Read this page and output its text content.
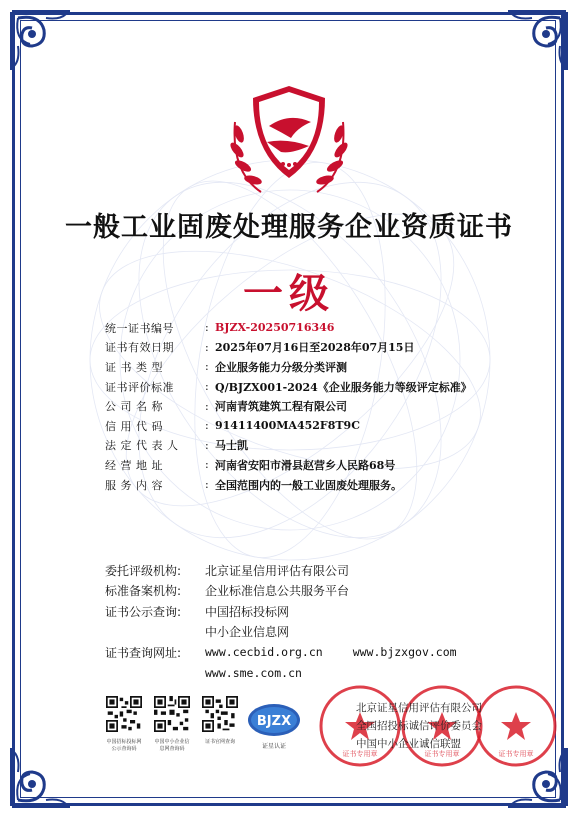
一般工业固废处理服务企业资质证书
一级
统一证书编号	: BJZX-20250716346
证书有效日期	: 2025年07月16日至2028年07月15日
证 书 类 型	: 企业服务能力分级分类评测
证书评价标准	: Q/BJZX001-2024《企业服务能力等级评定标准》
公 司 名 称	: 河南青筑建筑工程有限公司
信 用 代 码	: 91411400MA452F8T9C
法 定 代 表 人	: 马士凯
经 营 地 址	: 河南省安阳市滑县赵营乡人民路68号
服 务 内 容	: 全国范围内的一般工业固废处理服务。
委托评级机构:	北京证星信用评估有限公司
标准备案机构:	企业标准信息公共服务平台
证书公示查询:	中国招标投标网
中小企业信息网
证书查询网址:	www.cecbid.org.cn	www.bjzxgov.com
www.sme.com.cn
中国招标投标网
公示查询码
中国中小企业信
息网查询码
证书官网查询

BJZX
证星认证
证书专用章	证书专用章	证书专用章
北京证星信用评估有限公司
全国招投标诚信评价委员会
中国中小企业诚信联盟
